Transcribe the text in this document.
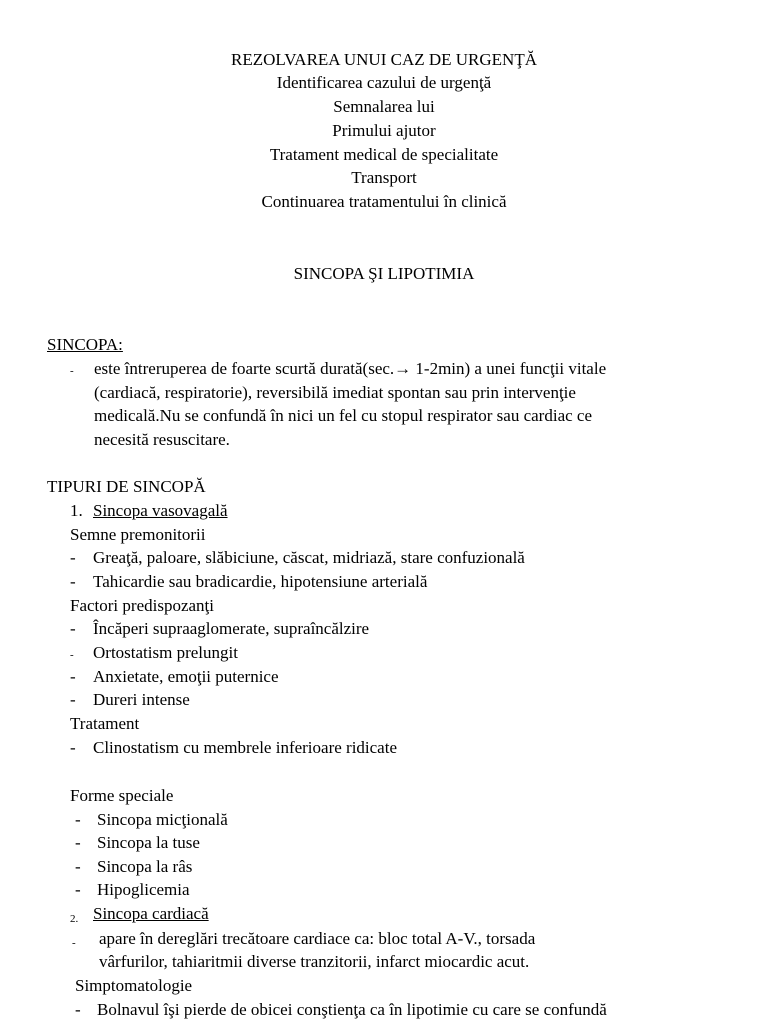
REZOLVAREA UNUI CAZ DE URGENŢĂ
Identificarea cazului de urgenţă
Semnalarea lui
Primului ajutor
Tratament medical de specialitate
Transport
Continuarea tratamentului în clinică
SINCOPA ŞI LIPOTIMIA
SINCOPA:
- este întreruperea de foarte scurtă durată(sec.→ 1-2min) a unei funcţii vitale
(cardiacă, respiratorie), reversibilă imediat spontan sau prin intervenţie
medicală.Nu se confundă în nici un fel cu stopul respirator sau cardiac ce
necesită resuscitare.
TIPURI DE SINCOPĂ
1. Sincopa vasovagală
Semne premonitorii
- Greaţă, paloare, slăbiciune, căscat, midriază, stare confuzională
- Tahicardie sau bradicardie, hipotensiune arterială
Factori predispozanţi
- Încăperi supraaglomerate, supraîncălzire
- Ortostatism prelungit
- Anxietate, emoţii puternice
- Dureri intense
Tratament
- Clinostatism cu membrele inferioare ridicate
Forme speciale
- Sincopa micţională
- Sincopa la tuse
- Sincopa la râs
- Hipoglicemia
2. Sincopa cardiacă
- apare în dereglări trecătoare cardiace ca: bloc total A-V., torsada
vârfurilor, tahiaritmii diverse tranzitorii, infarct miocardic acut.
Simptomatologie
- Bolnavul îşi pierde de obicei conştienţa ca în lipotimie cu care se confundă
